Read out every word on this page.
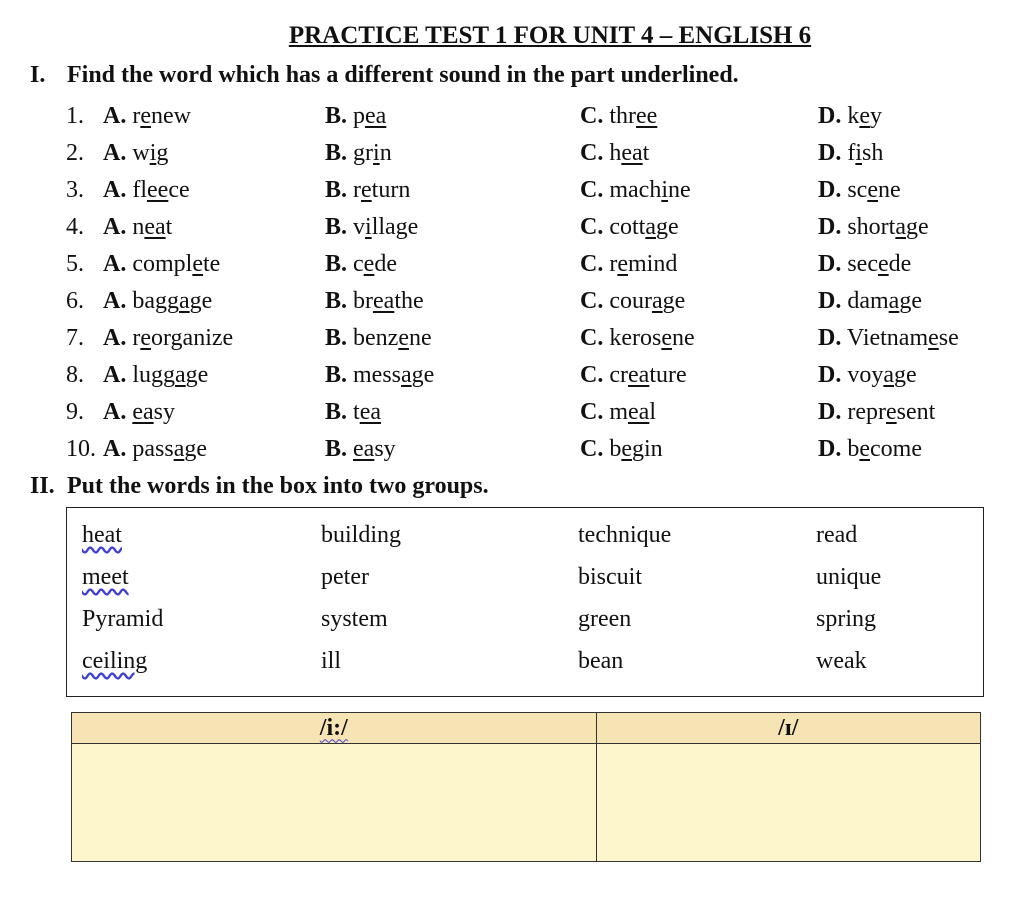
PRACTICE TEST 1 FOR UNIT 4 – ENGLISH 6
I. Find the word which has a different sound in the part underlined.
1. A. renew	B. pea	C. three	D. key
2. A. wig	B. grin	C. heat	D. fish
3. A. fleece	B. return	C. machine	D. scene
4. A. neat	B. village	C. cottage	D. shortage
5. A. complete	B. cede	C. remind	D. secede
6. A. baggage	B. breathe	C. courage	D. damage
7. A. reorganize	B. benzene	C. kerosene	D. Vietnamese
8. A. luggage	B. message	C. creature	D. voyage
9. A. easy	B. tea	C. meal	D. represent
10. A. passage	B. easy	C. begin	D. become
II. Put the words in the box into two groups.
heat	building	technique	read
meet	peter	biscuit	unique
Pyramid	system	green	spring
ceiling	ill	bean	weak
/i:/	/ɪ/
